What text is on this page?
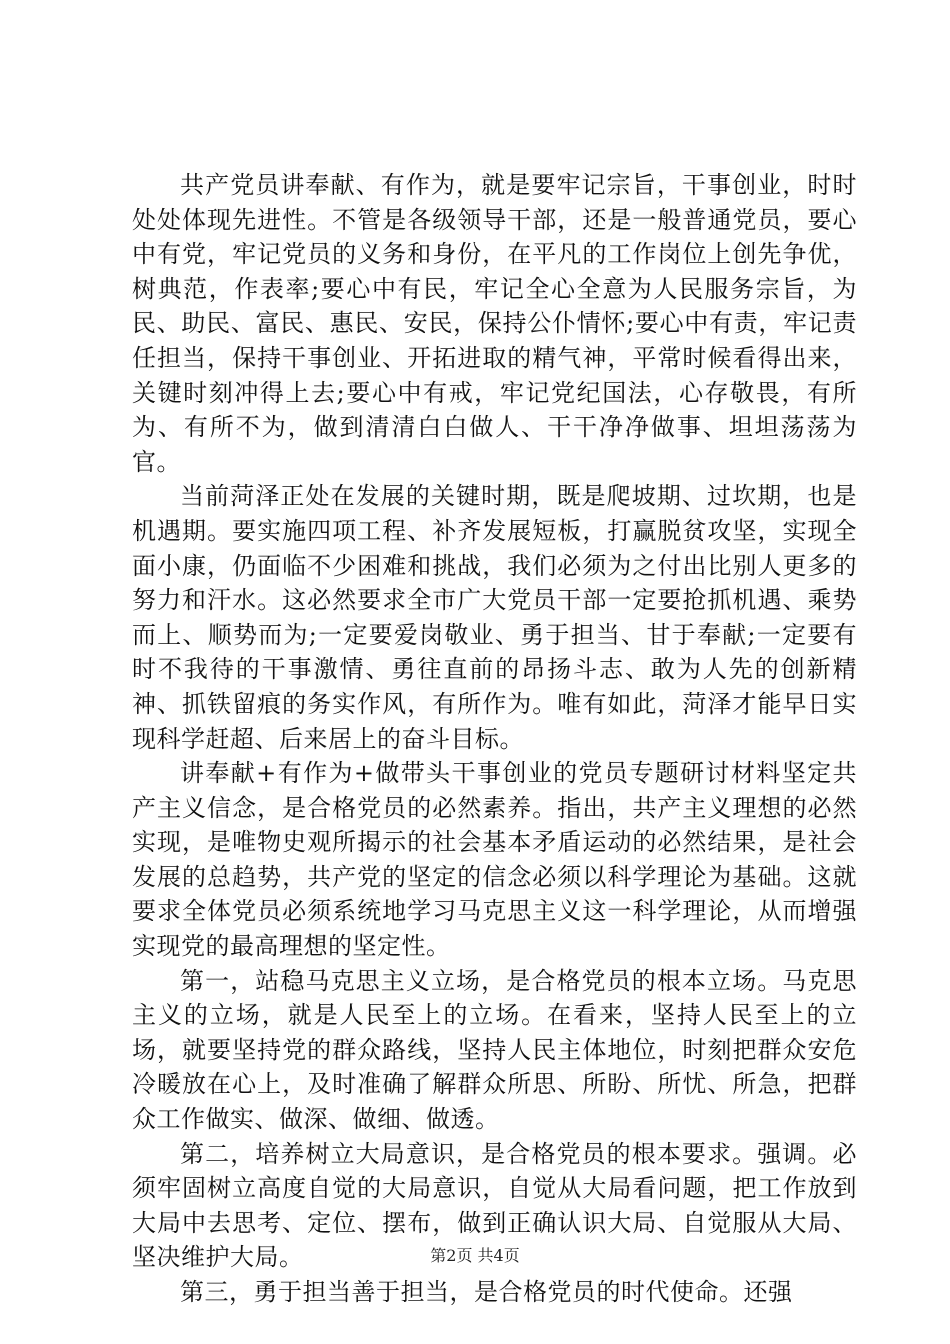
共产党员讲奉献、有作为，就是要牢记宗旨，干事创业，时时处处体现先进性。不管是各级领导干部，还是一般普通党员，要心中有党，牢记党员的义务和身份，在平凡的工作岗位上创先争优，树典范，作表率;要心中有民，牢记全心全意为人民服务宗旨，为民、助民、富民、惠民、安民，保持公仆情怀;要心中有责，牢记责任担当，保持干事创业、开拓进取的精气神，平常时候看得出来，关键时刻冲得上去;要心中有戒，牢记党纪国法，心存敬畏，有所为、有所不为，做到清清白白做人、干干净净做事、坦坦荡荡为官。

当前菏泽正处在发展的关键时期，既是爬坡期、过坎期，也是机遇期。要实施四项工程、补齐发展短板，打赢脱贫攻坚，实现全面小康，仍面临不少困难和挑战，我们必须为之付出比别人更多的努力和汗水。这必然要求全市广大党员干部一定要抢抓机遇、乘势而上、顺势而为;一定要爱岗敬业、勇于担当、甘于奉献;一定要有时不我待的干事激情、勇往直前的昂扬斗志、敢为人先的创新精神、抓铁留痕的务实作风，有所作为。唯有如此，菏泽才能早日实现科学赶超、后来居上的奋斗目标。

讲奉献+有作为+做带头干事创业的党员专题研讨材料坚定共产主义信念，是合格党员的必然素养。指出，共产主义理想的必然实现，是唯物史观所揭示的社会基本矛盾运动的必然结果，是社会发展的总趋势，共产党的坚定的信念必须以科学理论为基础。这就要求全体党员必须系统地学习马克思主义这一科学理论，从而增强实现党的最高理想的坚定性。

第一，站稳马克思主义立场，是合格党员的根本立场。马克思主义的立场，就是人民至上的立场。在看来，坚持人民至上的立场，就要坚持党的群众路线，坚持人民主体地位，时刻把群众安危冷暖放在心上，及时准确了解群众所思、所盼、所忧、所急，把群众工作做实、做深、做细、做透。

第二，培养树立大局意识，是合格党员的根本要求。强调。必须牢固树立高度自觉的大局意识，自觉从大局看问题，把工作放到大局中去思考、定位、摆布，做到正确认识大局、自觉服从大局、坚决维护大局。

第三，勇于担当善于担当，是合格党员的时代使命。还强

第2页 共4页
